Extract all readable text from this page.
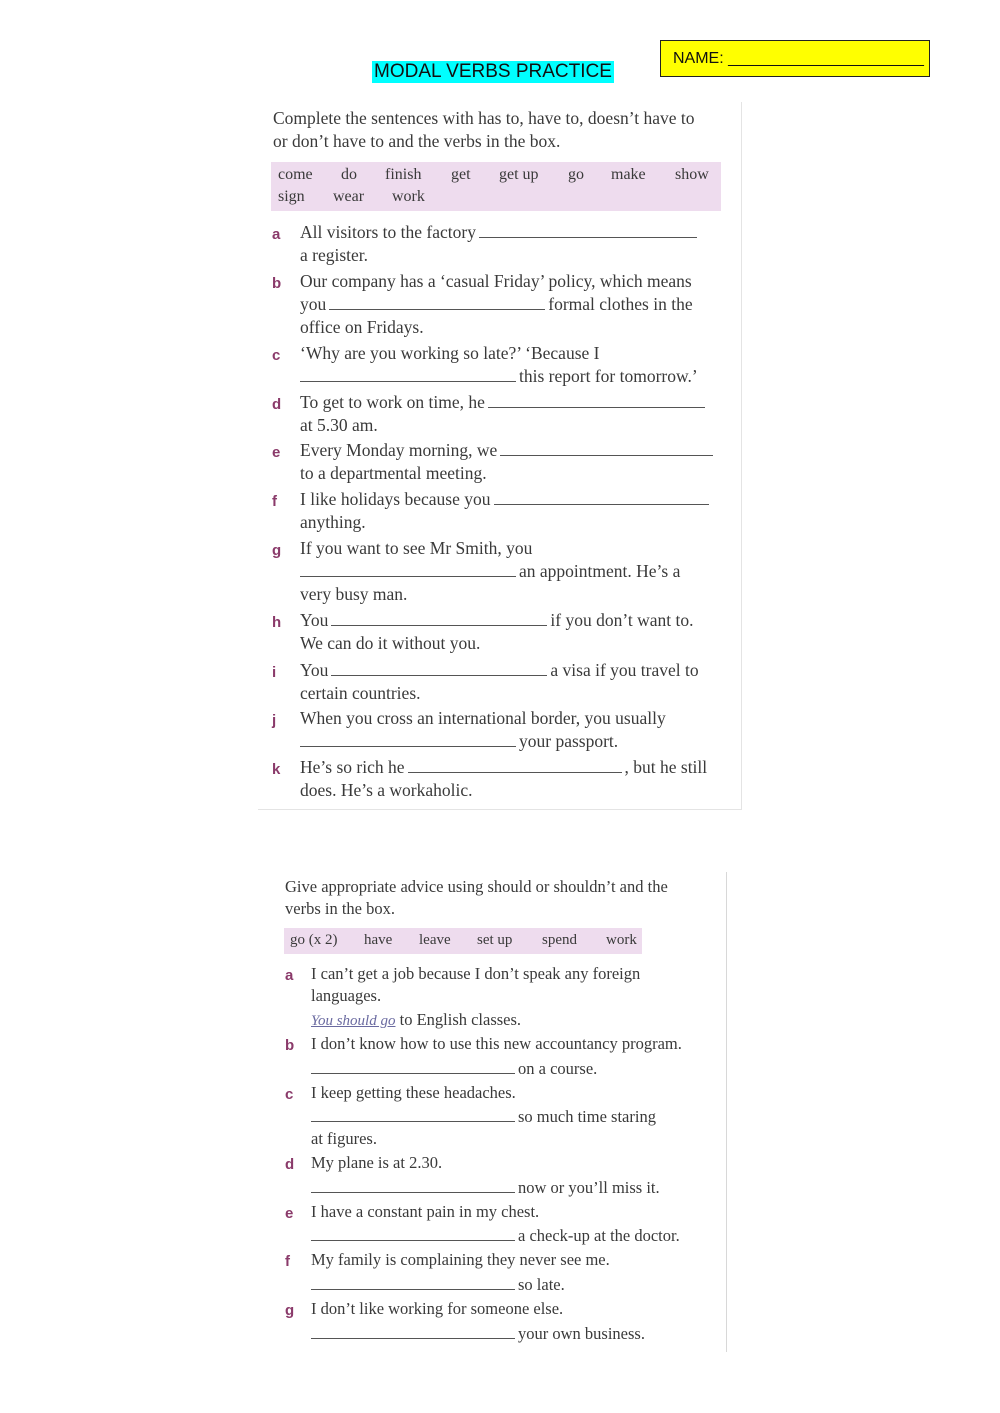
NAME: ______________________
MODAL VERBS PRACTICE
Complete the sentences with has to, have to, doesn’t have to
or don’t have to and the verbs in the box.
come do finish get get up go make show
sign wear work
a All visitors to the factory
a register.
b Our company has a ‘casual Friday’ policy, which means
you	formal clothes in the
office on Fridays.
c ‘Why are you working so late?’ ‘Because I
this report for tomorrow.’
d To get to work on time, he
at 5.30 am.
e Every Monday morning, we
to a departmental meeting.
f I like holidays because you
anything.
g If you want to see Mr Smith, you
an appointment. He’s a
very busy man.
h You	if you don’t want to.
We can do it without you.
i You	a visa if you travel to
certain countries.
j When you cross an international border, you usually
your passport.
k He’s so rich he	, but he still
does. He’s a workaholic.
Give appropriate advice using should or shouldn’t and the
verbs in the box.
go (x 2) have leave set up spend work
a I can’t get a job because I don’t speak any foreign
languages.
You should go to English classes.
b I don’t know how to use this new accountancy program.
on a course.
c I keep getting these headaches.
so much time staring
at figures.
d My plane is at 2.30.
now or you’ll miss it.
e I have a constant pain in my chest.
a check-up at the doctor.
f My family is complaining they never see me.
so late.
g I don’t like working for someone else.
your own business.
